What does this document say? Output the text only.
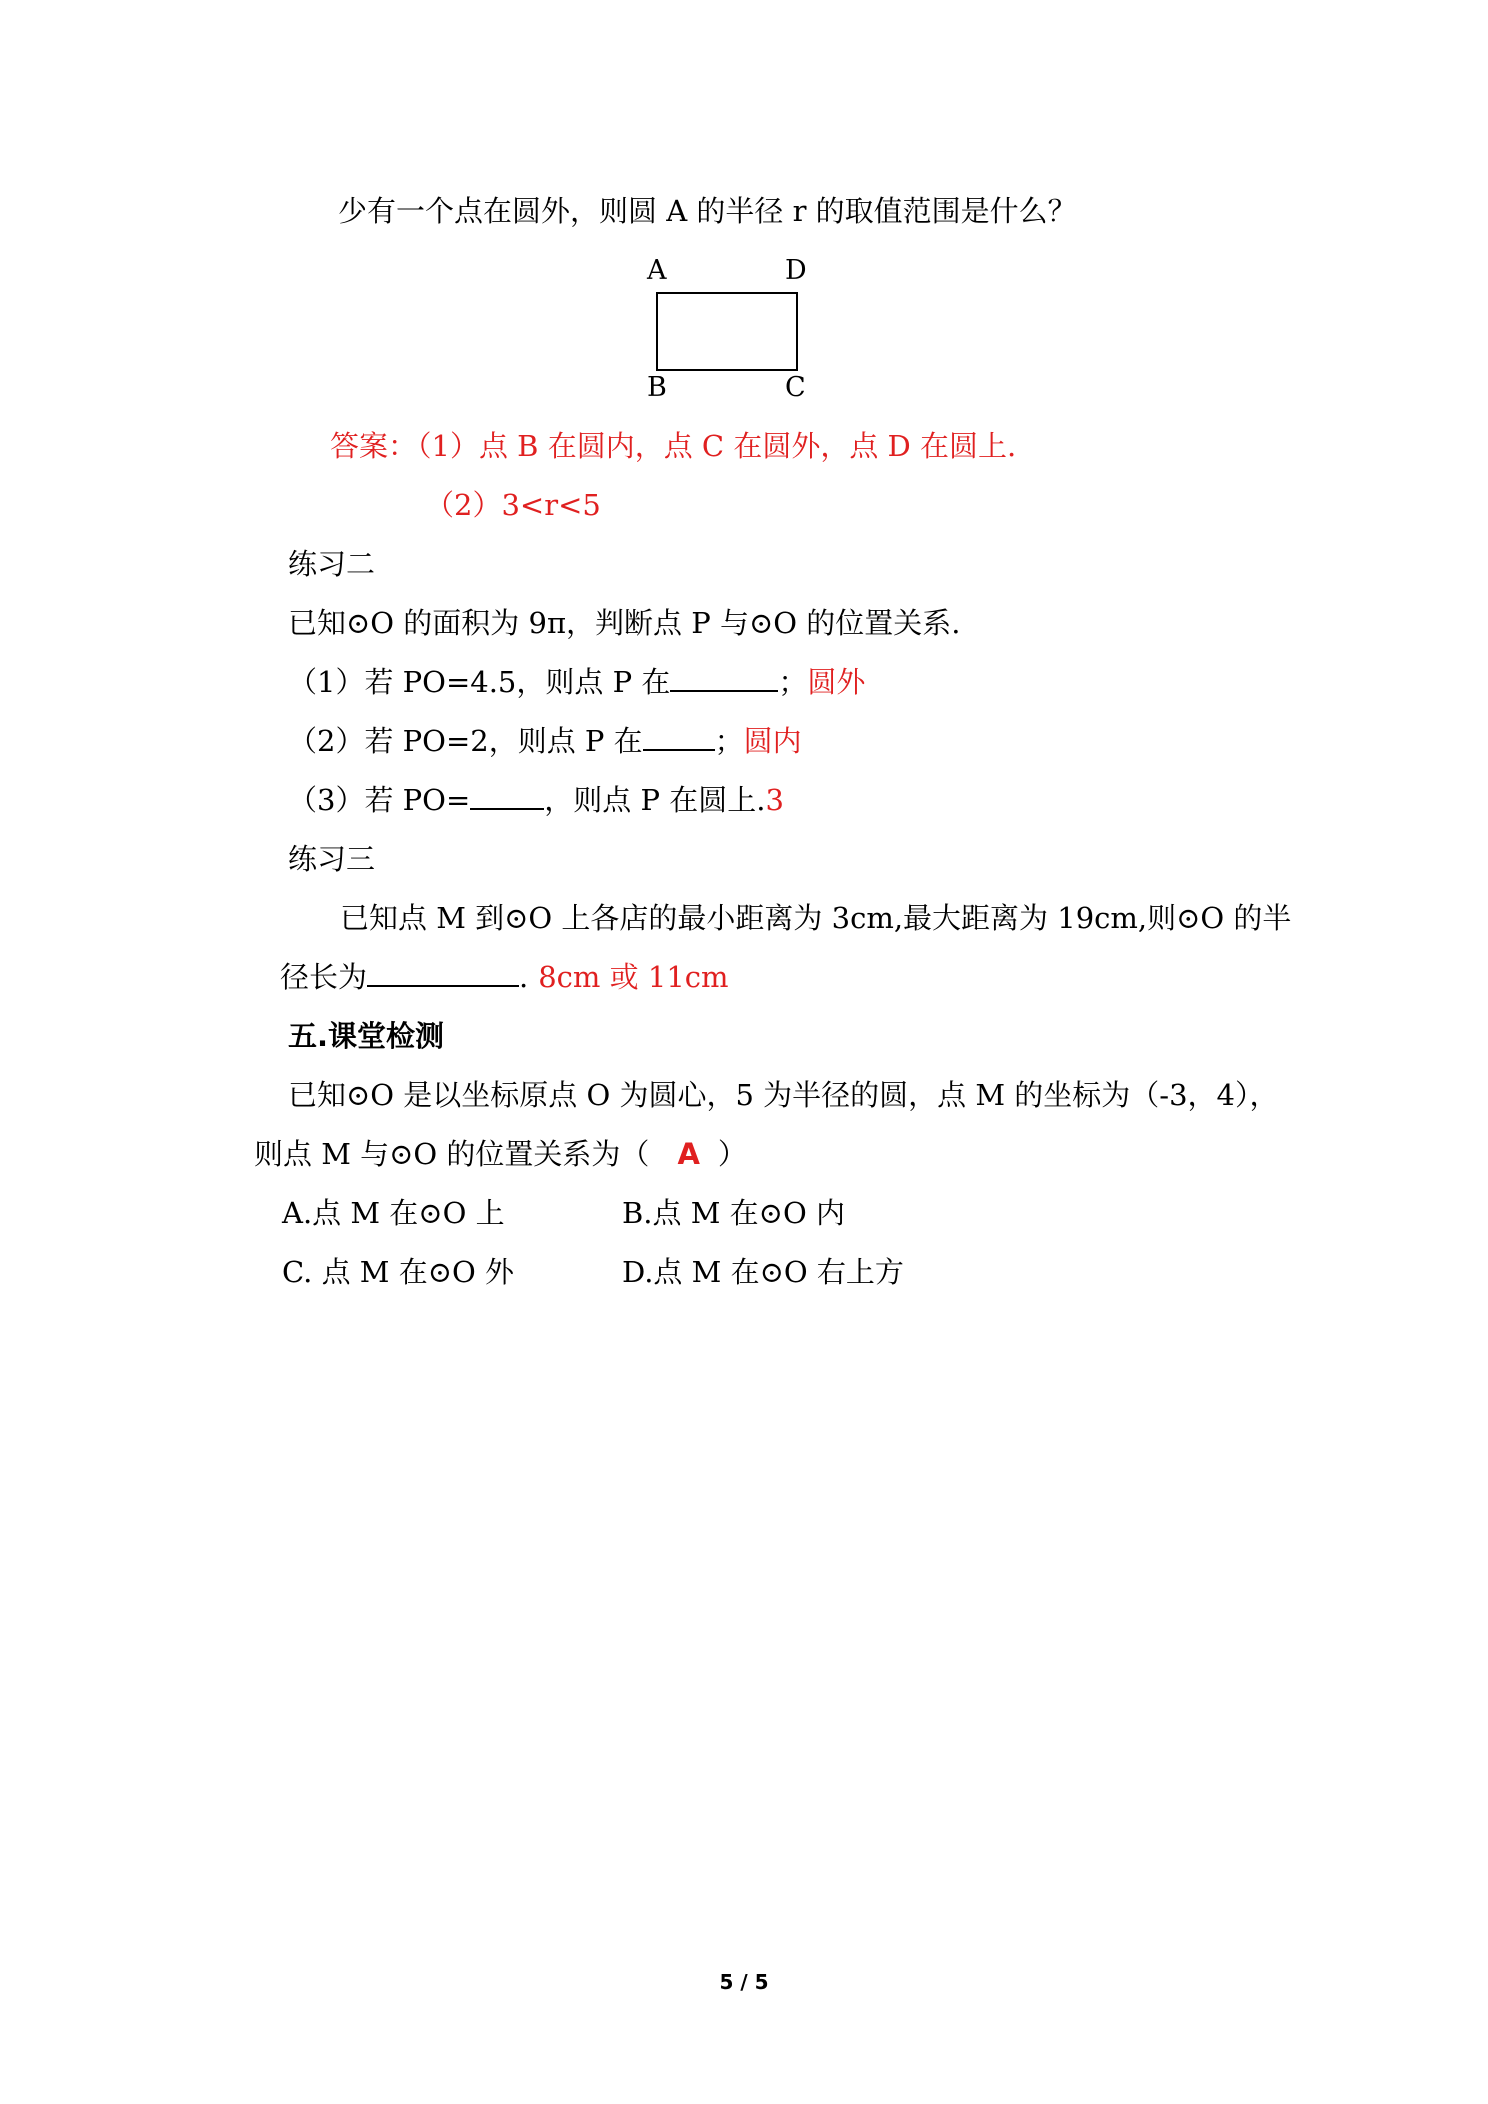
少有一个点在圆外，则圆 A 的半径 r 的取值范围是什么？
A	D
B	C
答案：（1）点 B 在圆内，点 C 在圆外，点 D 在圆上.
（2）3<r<5
练习二
已知⊙O 的面积为 9π，判断点 P 与⊙O 的位置关系.
（1）若 PO=4.5，则点 P 在	；圆外
（2）若 PO=2，则点 P 在 ；圆内
（3）若 PO=	，则点 P 在圆上.3
练习三
已知点 M 到⊙O 上各店的最小距离为 3cm,最大距离为 19cm,则⊙O 的半
径长为	. 8cm 或 11cm
五.课堂检测
已知⊙O 是以坐标原点 O 为圆心，5 为半径的圆，点 M 的坐标为（-3，4），
则点 M 与⊙O 的位置关系为（ A ）
A.点 M 在⊙O 上	B.点 M 在⊙O 内
C. 点 M 在⊙O 外	D.点 M 在⊙O 右上方
5 / 5
